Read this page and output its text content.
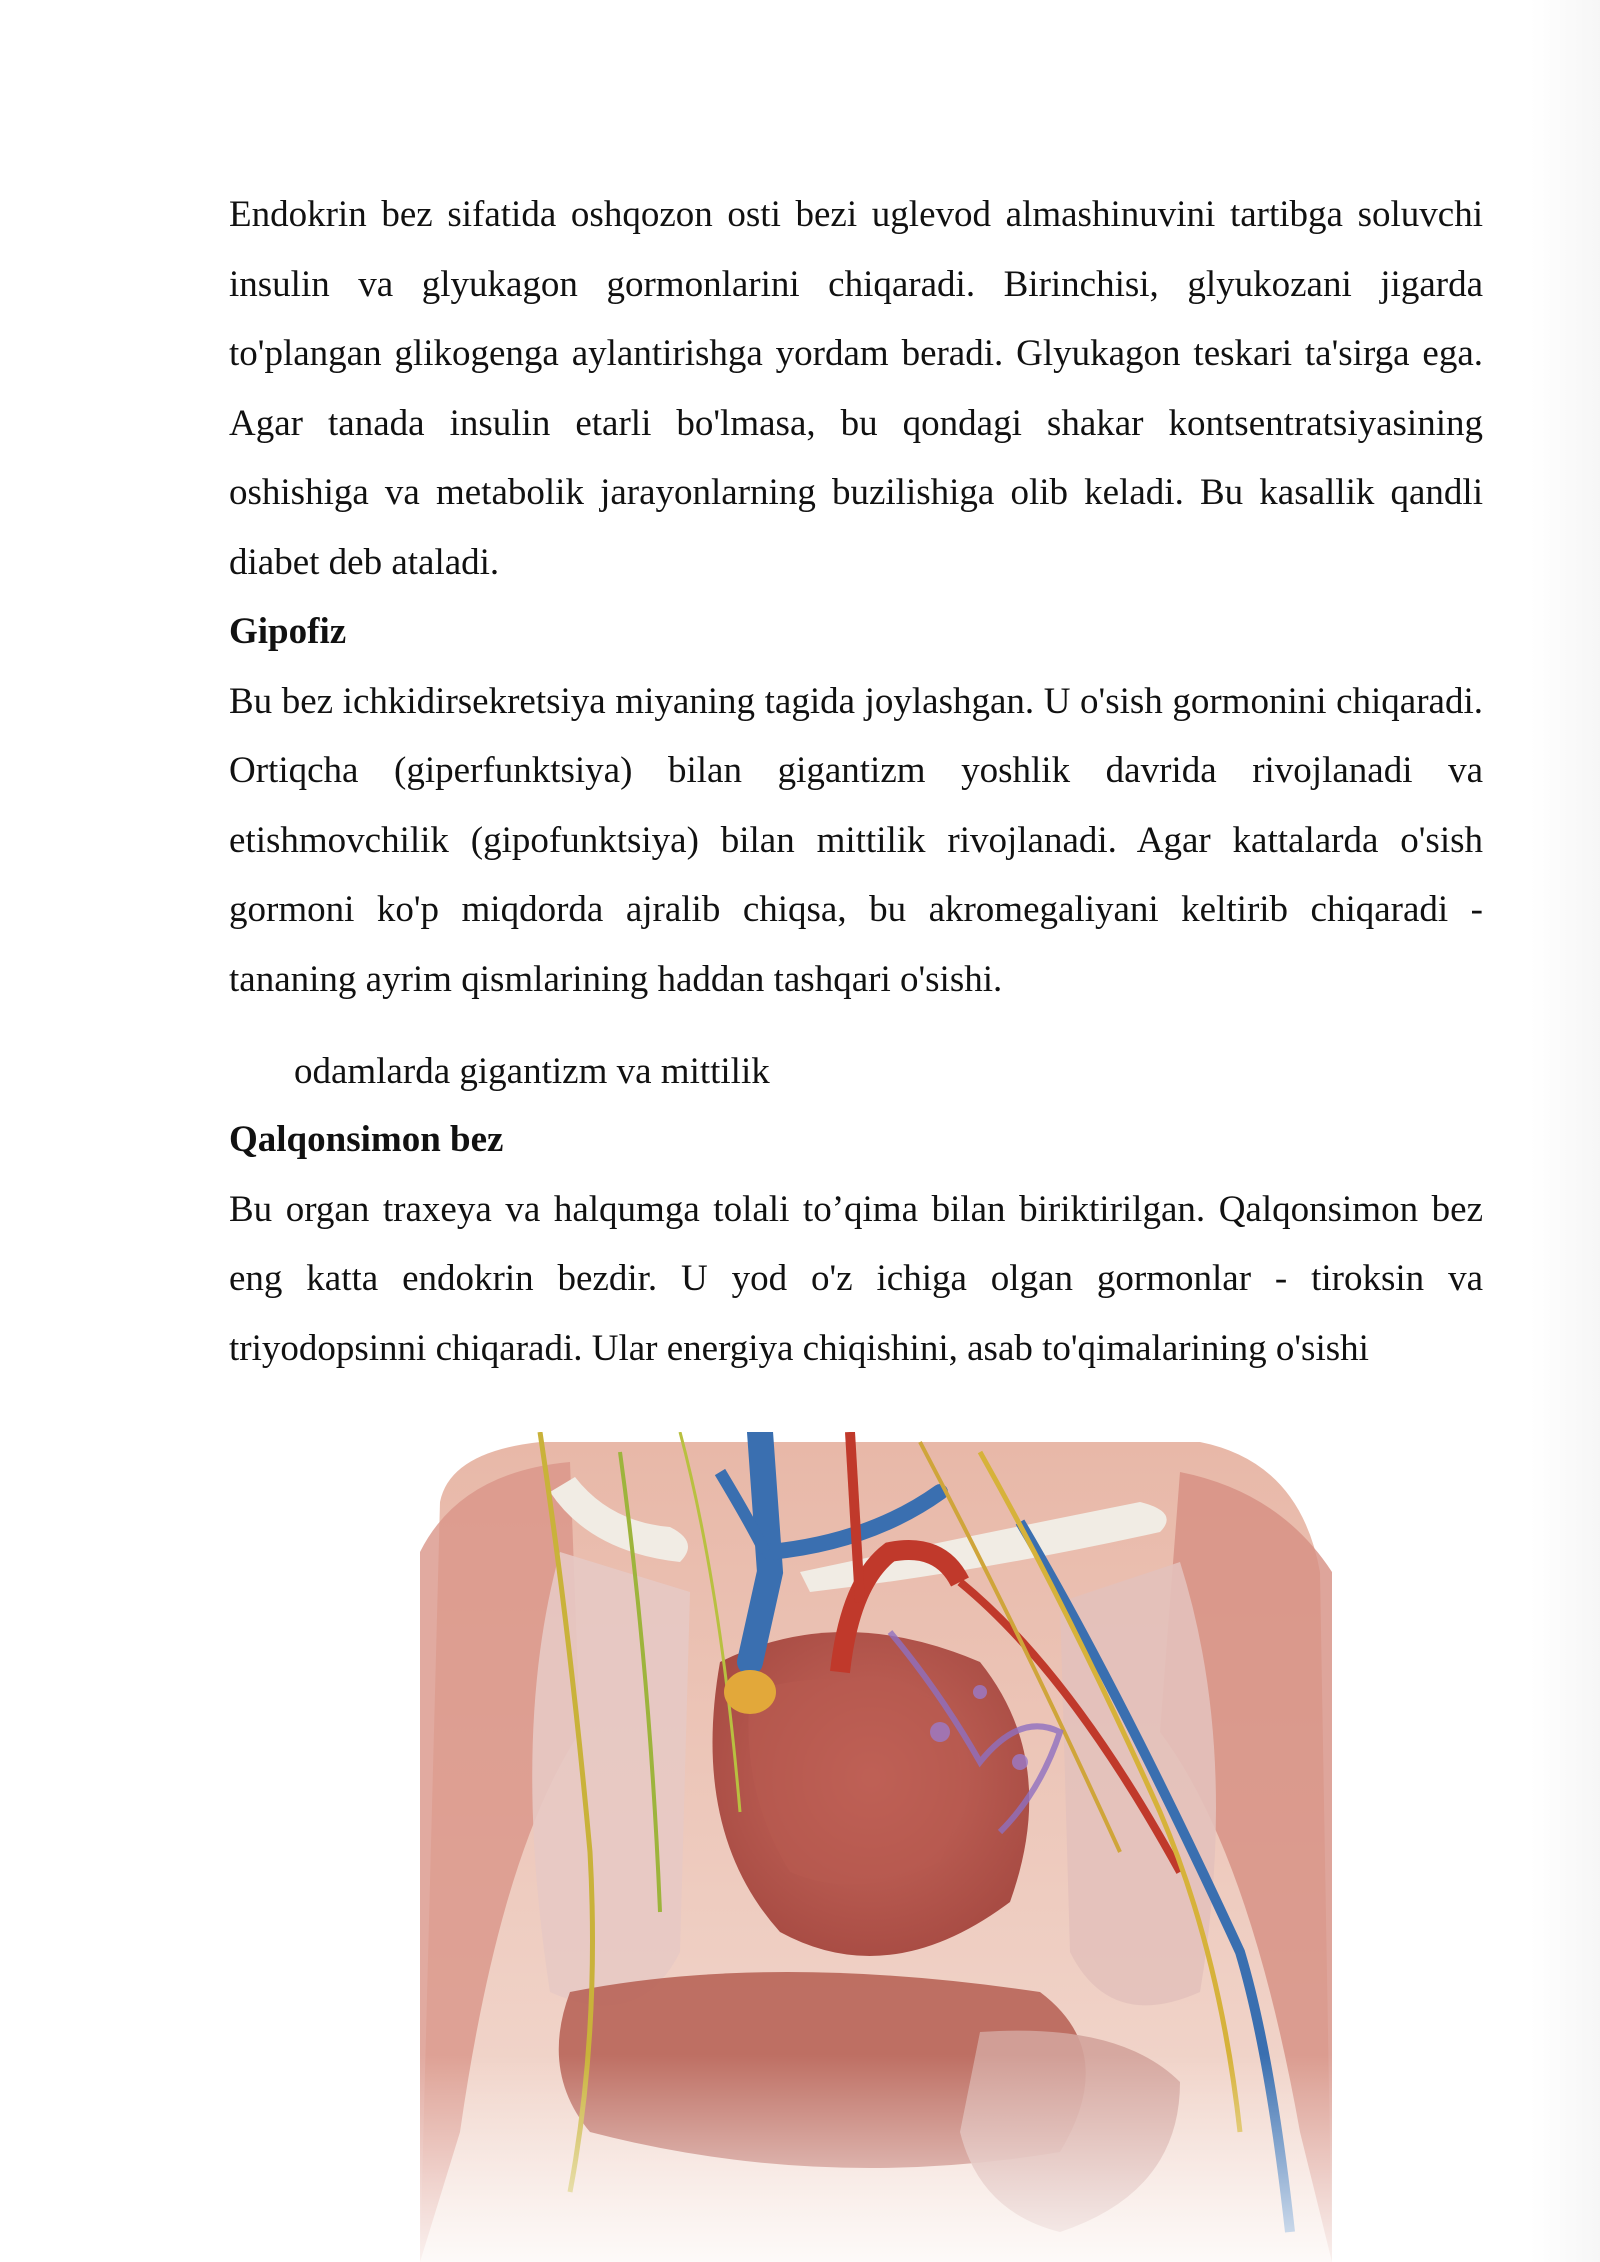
Endokrin bez sifatida oshqozon osti bezi uglevod almashinuvini tartibga soluvchi insulin va glyukagon gormonlarini chiqaradi. Birinchisi, glyukozani jigarda to'plangan glikogenga aylantirishga yordam beradi. Glyukagon teskari ta'sirga ega. Agar tanada insulin etarli bo'lmasa, bu qondagi shakar kontsentratsiyasining oshishiga va metabolik jarayonlarning buzilishiga olib keladi. Bu kasallik qandli diabet deb ataladi.

Gipofiz

Bu bez ichkidirsekretsiya miyaning tagida joylashgan. U o'sish gormonini chiqaradi. Ortiqcha (giperfunktsiya) bilan gigantizm yoshlik davrida rivojlanadi va etishmovchilik (gipofunktsiya) bilan mittilik rivojlanadi. Agar kattalarda o'sish gormoni ko'p miqdorda ajralib chiqsa, bu akromegaliyani keltirib chiqaradi - tananing ayrim qismlarining haddan tashqari o'sishi.

odamlarda gigantizm va mittilik

Qalqonsimon bez

Bu organ traxeya va halqumga tolali to’qima bilan biriktirilgan. Qalqonsimon bez eng katta endokrin bezdir. U yod o'z ichiga olgan gormonlar - tiroksin va triyodopsinni chiqaradi. Ular energiya chiqishini, asab to'qimalarining o'sishi
